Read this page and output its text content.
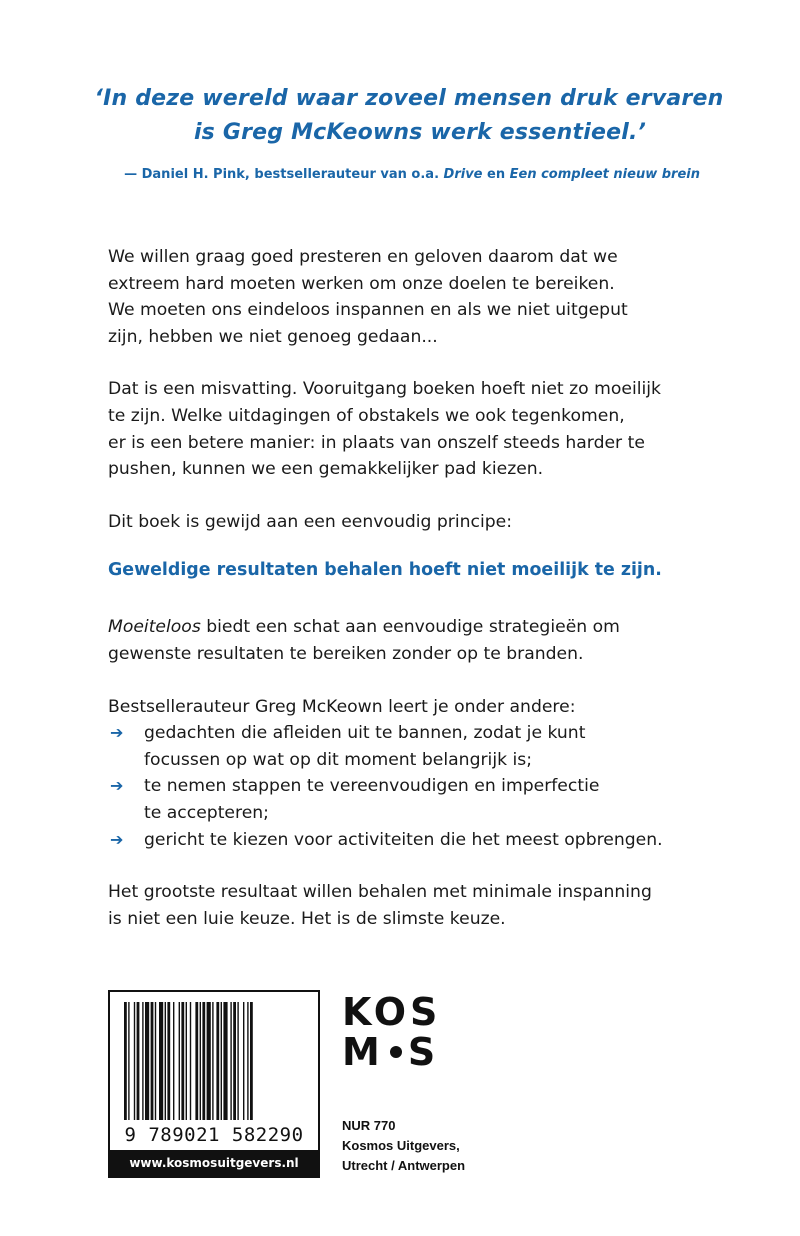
‘In deze wereld waar zoveel mensen druk ervaren
is Greg McKeowns werk essentieel.’
— Daniel H. Pink, bestsellerauteur van o.a. Drive en Een compleet nieuw brein
We willen graag goed presteren en geloven daarom dat we
extreem hard moeten werken om onze doelen te bereiken.
We moeten ons eindeloos inspannen en als we niet uitgeput
zijn, hebben we niet genoeg gedaan...
Dat is een misvatting. Vooruitgang boeken hoeft niet zo moeilijk
te zijn. Welke uitdagingen of obstakels we ook tegenkomen,
er is een betere manier: in plaats van onszelf steeds harder te
pushen, kunnen we een gemakkelijker pad kiezen.
Dit boek is gewijd aan een eenvoudig principe:
Moeiteloos biedt een schat aan eenvoudige strategieën om
gewenste resultaten te bereiken zonder op te branden.
Bestsellerauteur Greg McKeown leert je onder andere:
➔ gedachten die afleiden uit te bannen, zodat je kunt
focussen op wat op dit moment belangrijk is;
➔ te nemen stappen te vereenvoudigen en imperfectie
te accepteren;
➔ gericht te kiezen voor activiteiten die het meest opbrengen.
Het grootste resultaat willen behalen met minimale inspanning
is niet een luie keuze. Het is de slimste keuze.
Geweldige resultaten behalen hoeft niet moeilijk te zijn.
9 789021 582290
www.kosmosuitgevers.nl
KOS
M S
NUR 770
Kosmos Uitgevers,
Utrecht / Antwerpen
